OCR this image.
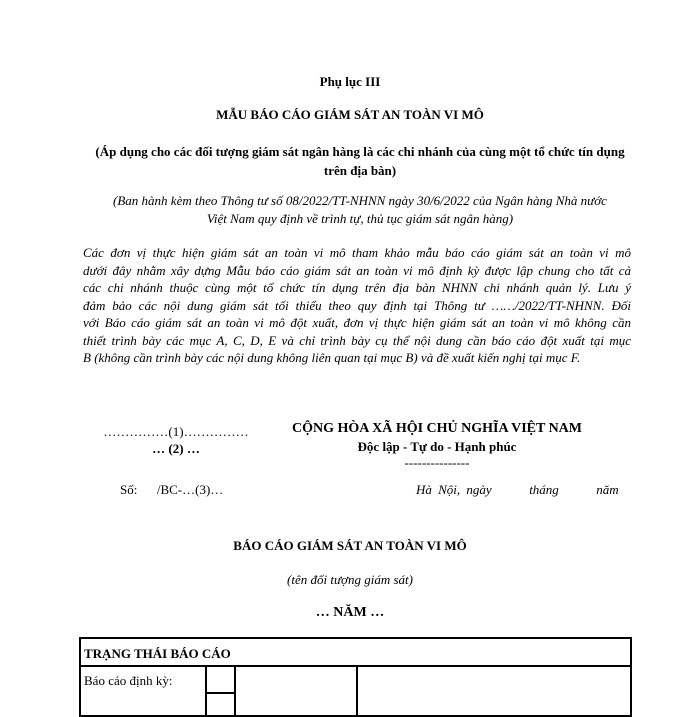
Phụ lục III
MẪU BÁO CÁO GIÁM SÁT AN TOÀN VI MÔ
(Áp dụng cho các đối tượng giám sát ngân hàng là các chi nhánh của cùng một tổ chức tín dụng trên địa bàn)
(Ban hành kèm theo Thông tư số 08/2022/TT-NHNN ngày 30/6/2022 của Ngân hàng Nhà nước
Việt Nam quy định về trình tự, thủ tục giám sát ngân hàng)
Các đơn vị thực hiện giám sát an toàn vi mô tham khảo mẫu báo cáo giám sát an toàn vi mô
dưới đây nhằm xây dựng Mẫu báo cáo giám sát an toàn vi mô định kỳ được lập chung cho tất cả
các chi nhánh thuộc cùng một tổ chức tín dụng trên địa bàn NHNN chi nhánh quản lý. Lưu ý
đảm bảo các nội dung giám sát tối thiểu theo quy định tại Thông tư ……/2022/TT-NHNN. Đối
với Báo cáo giám sát an toàn vi mô đột xuất, đơn vị thực hiện giám sát an toàn vi mô không cần
thiết trình bày các mục A, C, D, E và chỉ trình bày cụ thể nội dung cần báo cáo đột xuất tại mục
B (không cần trình bày các nội dung không liên quan tại mục B) và đề xuất kiến nghị tại mục F.
……………(1)……………
… (2) …
CỘNG HÒA XÃ HỘI CHỦ NGHĨA VIỆT NAM
Độc lập - Tự do - Hạnh phúc
---------------
Số:      /BC-…(3)…	Hà Nội, ngày      tháng      năm
BÁO CÁO GIÁM SÁT AN TOÀN VI MÔ
(tên đối tượng giám sát)
… NĂM …
TRẠNG THÁI BÁO CÁO
Báo cáo định kỳ:
